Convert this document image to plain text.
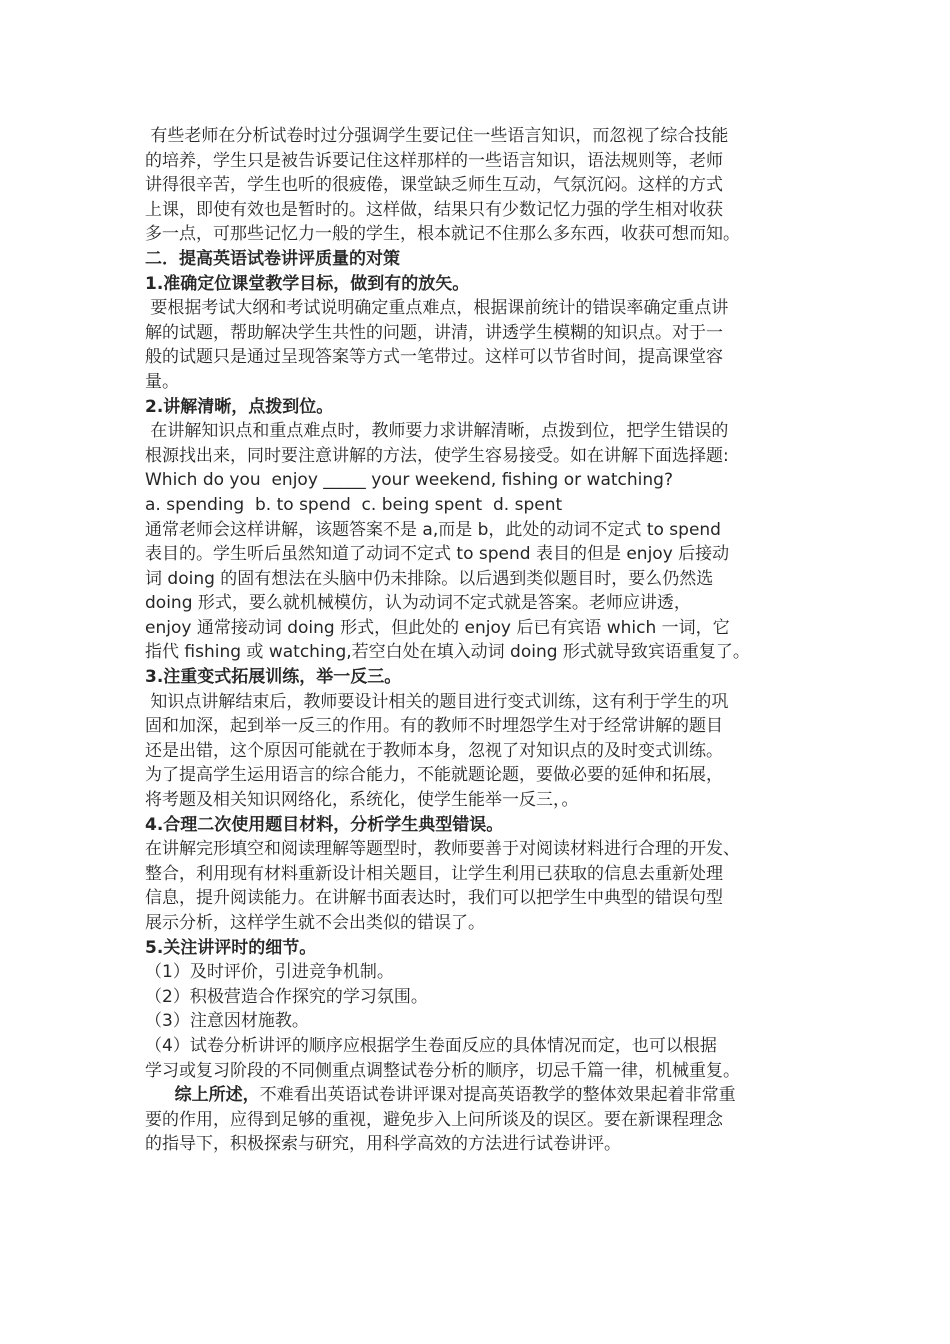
有些老师在分析试卷时过分强调学生要记住一些语言知识，而忽视了综合技能
的培养，学生只是被告诉要记住这样那样的一些语言知识，语法规则等，老师
讲得很辛苦，学生也听的很疲倦，课堂缺乏师生互动，气氛沉闷。这样的方式
上课，即使有效也是暂时的。这样做，结果只有少数记忆力强的学生相对收获
多一点，可那些记忆力一般的学生，根本就记不住那么多东西，收获可想而知。
二．提高英语试卷讲评质量的对策
1.准确定位课堂教学目标，做到有的放矢。
要根据考试大纲和考试说明确定重点难点，根据课前统计的错误率确定重点讲
解的试题，帮助解决学生共性的问题，讲清，讲透学生模糊的知识点。对于一
般的试题只是通过呈现答案等方式一笔带过。这样可以节省时间，提高课堂容
量。
2.讲解清晰，点拨到位。
在讲解知识点和重点难点时，教师要力求讲解清晰，点拨到位，把学生错误的
根源找出来，同时要注意讲解的方法，使学生容易接受。如在讲解下面选择题:
Which do you  enjoy _____ your weekend, fishing or watching?
a. spending  b. to spend  c. being spent  d. spent
通常老师会这样讲解，该题答案不是 a,而是 b，此处的动词不定式 to spend
表目的。学生听后虽然知道了动词不定式 to spend 表目的但是 enjoy 后接动
词 doing 的固有想法在头脑中仍未排除。以后遇到类似题目时，要么仍然选
doing 形式，要么就机械模仿，认为动词不定式就是答案。老师应讲透，
enjoy 通常接动词 doing 形式，但此处的 enjoy 后已有宾语 which 一词，它
指代 fishing 或 watching,若空白处在填入动词 doing 形式就导致宾语重复了。
3.注重变式拓展训练，举一反三。
知识点讲解结束后，教师要设计相关的题目进行变式训练，这有利于学生的巩
固和加深，起到举一反三的作用。有的教师不时埋怨学生对于经常讲解的题目
还是出错，这个原因可能就在于教师本身，忽视了对知识点的及时变式训练。
为了提高学生运用语言的综合能力，不能就题论题，要做必要的延伸和拓展，
将考题及相关知识网络化，系统化，使学生能举一反三，。
4.合理二次使用题目材料，分析学生典型错误。
在讲解完形填空和阅读理解等题型时，教师要善于对阅读材料进行合理的开发、
整合，利用现有材料重新设计相关题目，让学生利用已获取的信息去重新处理
信息，提升阅读能力。在讲解书面表达时，我们可以把学生中典型的错误句型
展示分析，这样学生就不会出类似的错误了。
5.关注讲评时的细节。
（1）及时评价，引进竞争机制。
（2）积极营造合作探究的学习氛围。
（3）注意因材施教。
（4）试卷分析讲评的顺序应根据学生卷面反应的具体情况而定，也可以根据
学习或复习阶段的不同侧重点调整试卷分析的顺序，切忌千篇一律，机械重复。
综上所述，不难看出英语试卷讲评课对提高英语教学的整体效果起着非常重
要的作用，应得到足够的重视，避免步入上问所谈及的误区。要在新课程理念
的指导下，积极探索与研究，用科学高效的方法进行试卷讲评。
